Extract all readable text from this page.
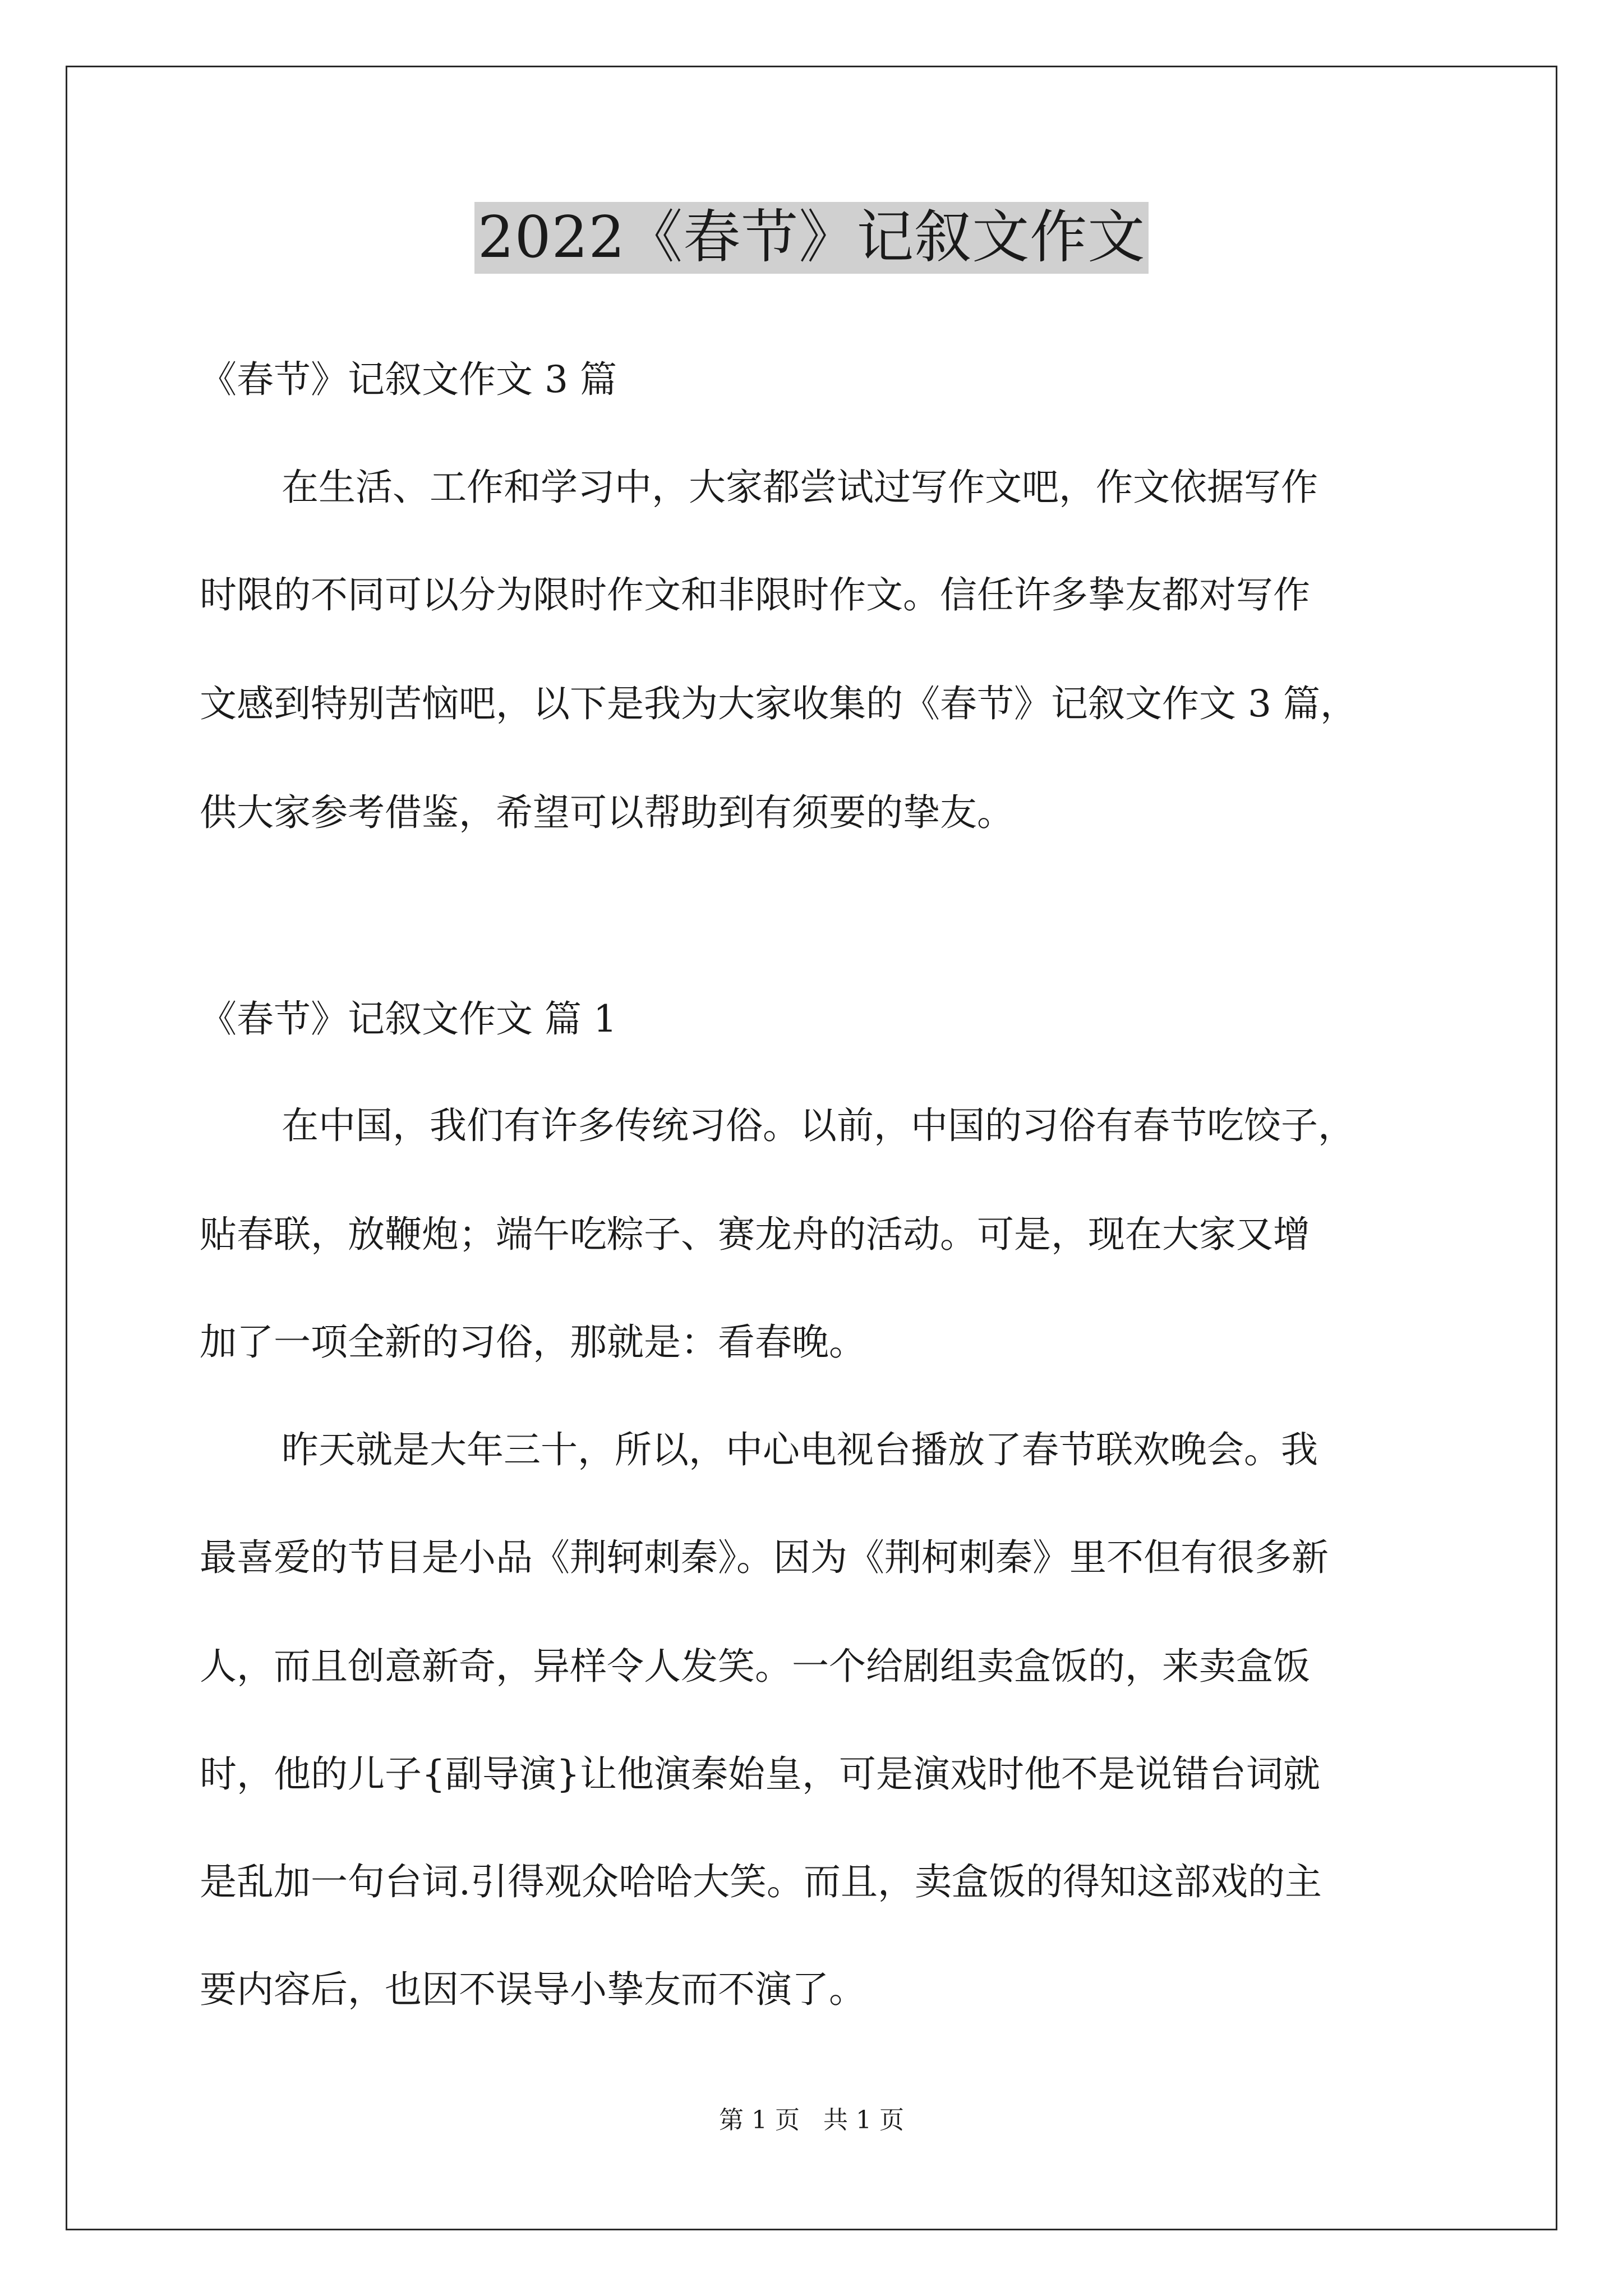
2022《春节》记叙文作文
《春节》记叙文作文 3 篇
在生活、工作和学习中，大家都尝试过写作文吧，作文依据写作
时限的不同可以分为限时作文和非限时作文。信任许多挚友都对写作
文感到特别苦恼吧，以下是我为大家收集的《春节》记叙文作文 3 篇，
供大家参考借鉴，希望可以帮助到有须要的挚友。
《春节》记叙文作文 篇 1
在中国，我们有许多传统习俗。以前，中国的习俗有春节吃饺子，
贴春联，放鞭炮；端午吃粽子、赛龙舟的活动。可是，现在大家又增
加了一项全新的习俗，那就是：看春晚。
昨天就是大年三十，所以，中心电视台播放了春节联欢晚会。我
最喜爱的节目是小品《荆轲刺秦》。因为《荆柯刺秦》里不但有很多新
人，而且创意新奇，异样令人发笑。一个给剧组卖盒饭的，来卖盒饭
时，他的儿子{副导演}让他演秦始皇，可是演戏时他不是说错台词就
是乱加一句台词.引得观众哈哈大笑。而且，卖盒饭的得知这部戏的主
要内容后，也因不误导小挚友而不演了。
第 1 页   共 1 页
